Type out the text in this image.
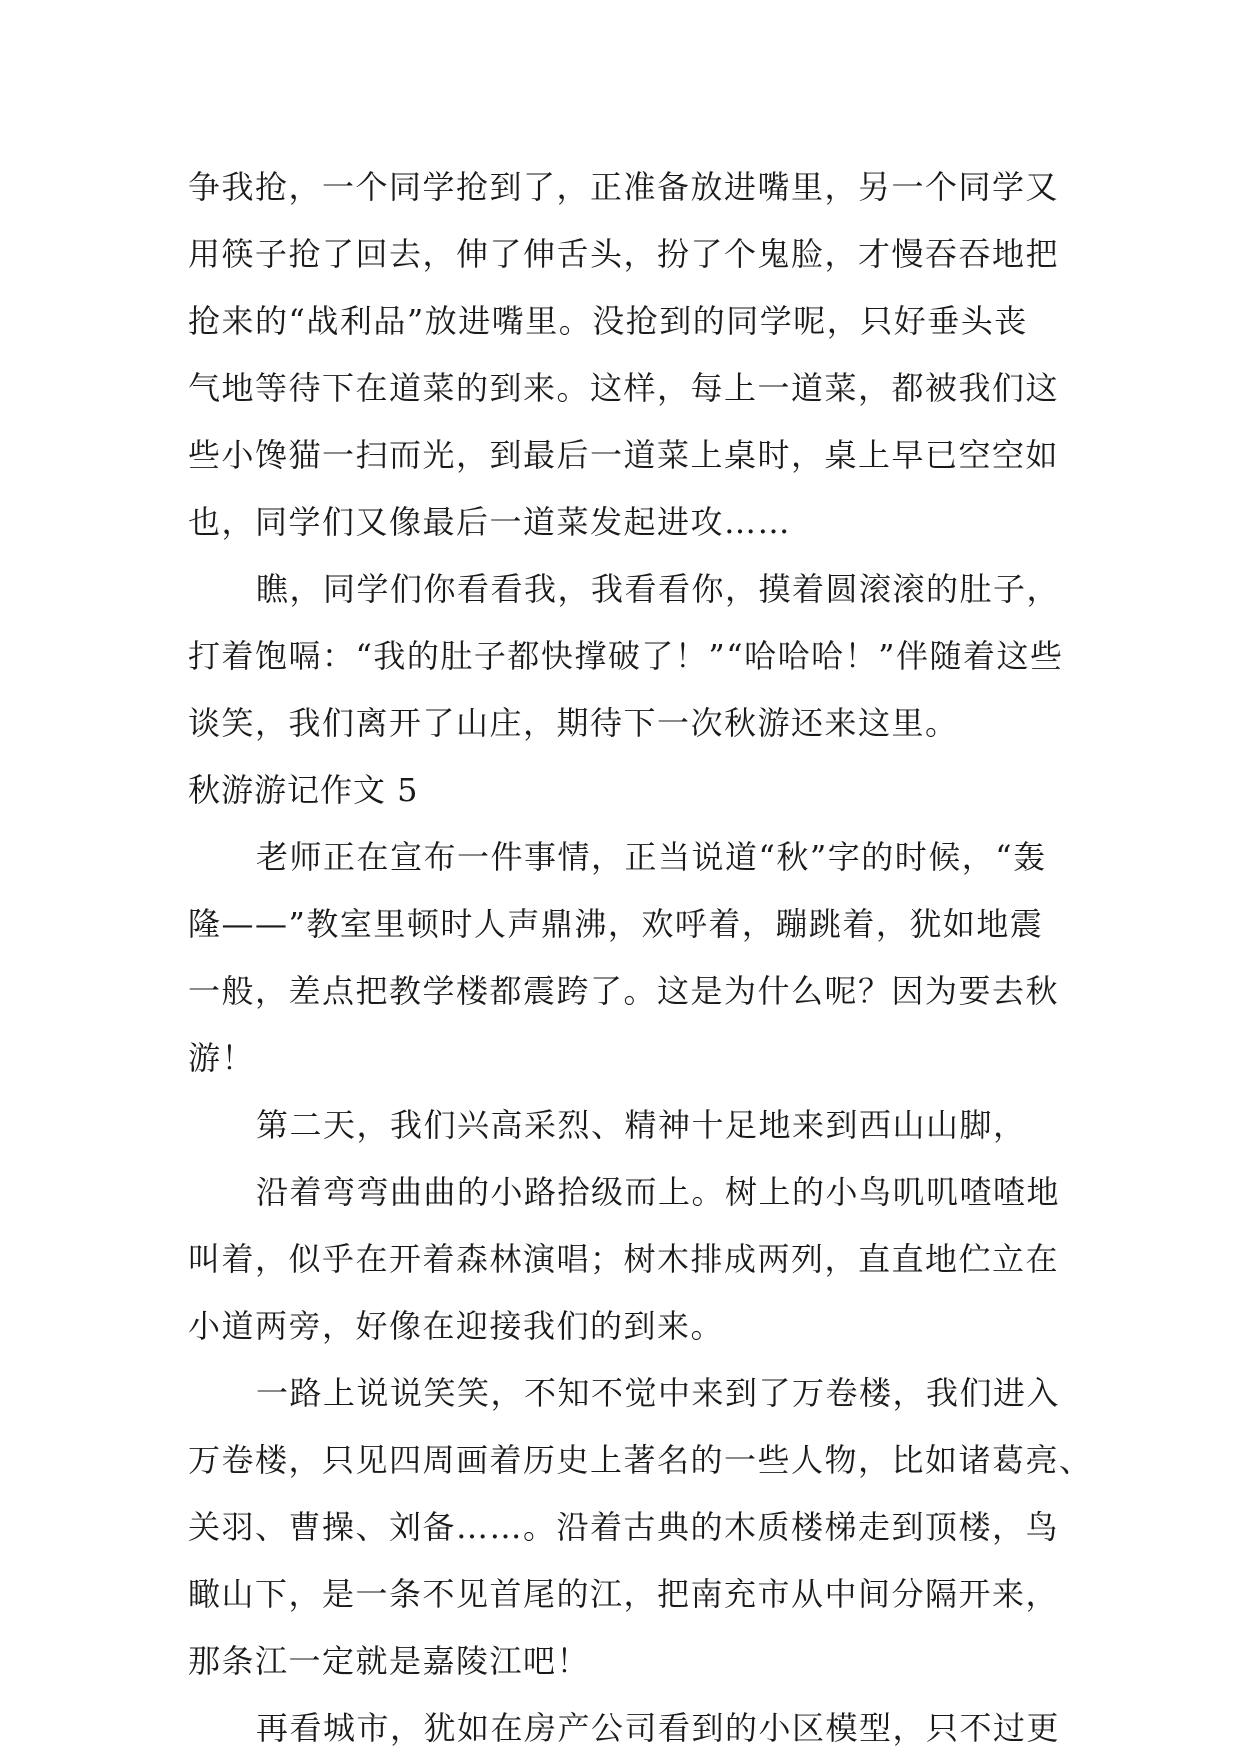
争我抢，一个同学抢到了，正准备放进嘴里，另一个同学又
用筷子抢了回去，伸了伸舌头，扮了个鬼脸，才慢吞吞地把
抢来的“战利品”放进嘴里。没抢到的同学呢，只好垂头丧
气地等待下在道菜的到来。这样，每上一道菜，都被我们这
些小馋猫一扫而光，到最后一道菜上桌时，桌上早已空空如
也，同学们又像最后一道菜发起进攻……
瞧，同学们你看看我，我看看你，摸着圆滚滚的肚子，
打着饱嗝：“我的肚子都快撑破了！”“哈哈哈！”伴随着这些
谈笑，我们离开了山庄，期待下一次秋游还来这里。
秋游游记作文 5
老师正在宣布一件事情，正当说道“秋”字的时候，“轰
隆——”教室里顿时人声鼎沸，欢呼着，蹦跳着，犹如地震
一般，差点把教学楼都震跨了。这是为什么呢？因为要去秋
游！
第二天，我们兴高采烈、精神十足地来到西山山脚，
沿着弯弯曲曲的小路拾级而上。树上的小鸟叽叽喳喳地
叫着，似乎在开着森林演唱；树木排成两列，直直地伫立在
小道两旁，好像在迎接我们的到来。
一路上说说笑笑，不知不觉中来到了万卷楼，我们进入
万卷楼，只见四周画着历史上著名的一些人物，比如诸葛亮、
关羽、曹操、刘备……。沿着古典的木质楼梯走到顶楼，鸟
瞰山下，是一条不见首尾的江，把南充市从中间分隔开来，
那条江一定就是嘉陵江吧！
再看城市，犹如在房产公司看到的小区模型，只不过更
